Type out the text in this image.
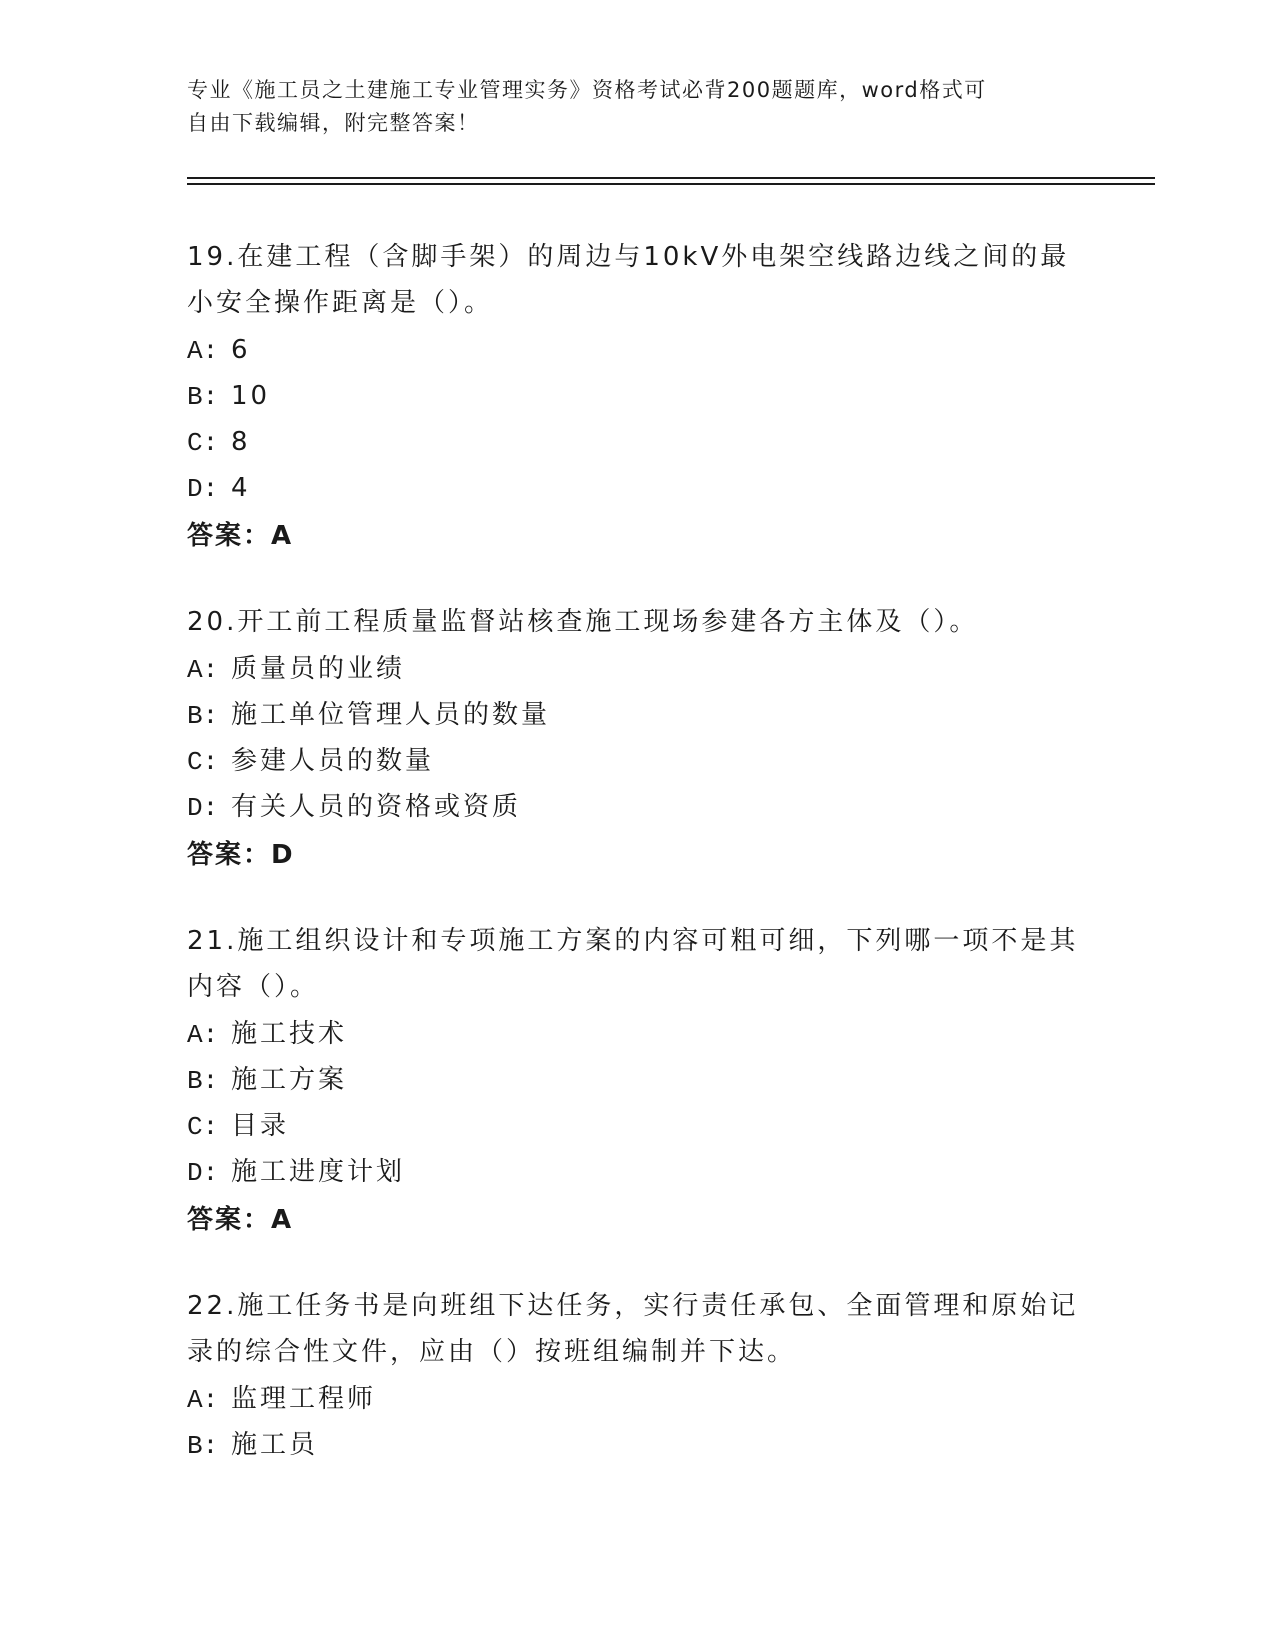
专业《施工员之土建施工专业管理实务》资格考试必背200题题库，word格式可
自由下载编辑，附完整答案！
19.在建工程（含脚手架）的周边与10kV外电架空线路边线之间的最小安全操作距离是（）。
A: 6
B: 10
C: 8
D: 4
答案：A
20.开工前工程质量监督站核查施工现场参建各方主体及（）。
A: 质量员的业绩
B: 施工单位管理人员的数量
C: 参建人员的数量
D: 有关人员的资格或资质
答案：D
21.施工组织设计和专项施工方案的内容可粗可细，下列哪一项不是其内容（）。
A: 施工技术
B: 施工方案
C: 目录
D: 施工进度计划
答案：A
22.施工任务书是向班组下达任务，实行责任承包、全面管理和原始记录的综合性文件，应由（）按班组编制并下达。
A: 监理工程师
B: 施工员
